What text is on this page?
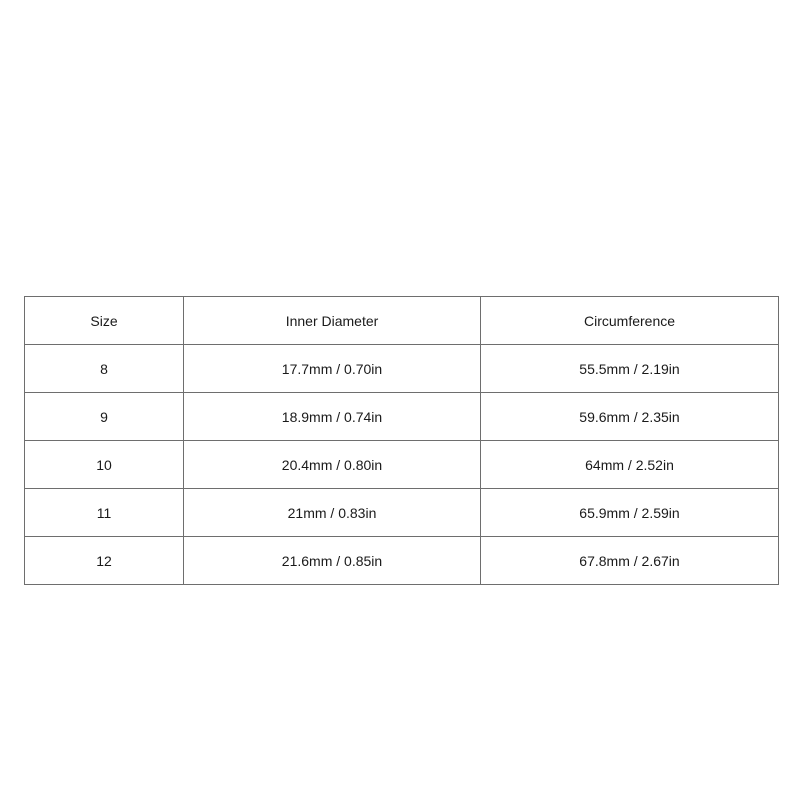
Size	Inner Diameter	Circumference
8	17.7mm / 0.70in	55.5mm / 2.19in
9	18.9mm / 0.74in	59.6mm / 2.35in
10	20.4mm / 0.80in	64mm / 2.52in
11	21mm / 0.83in	65.9mm / 2.59in
12	21.6mm / 0.85in	67.8mm / 2.67in
